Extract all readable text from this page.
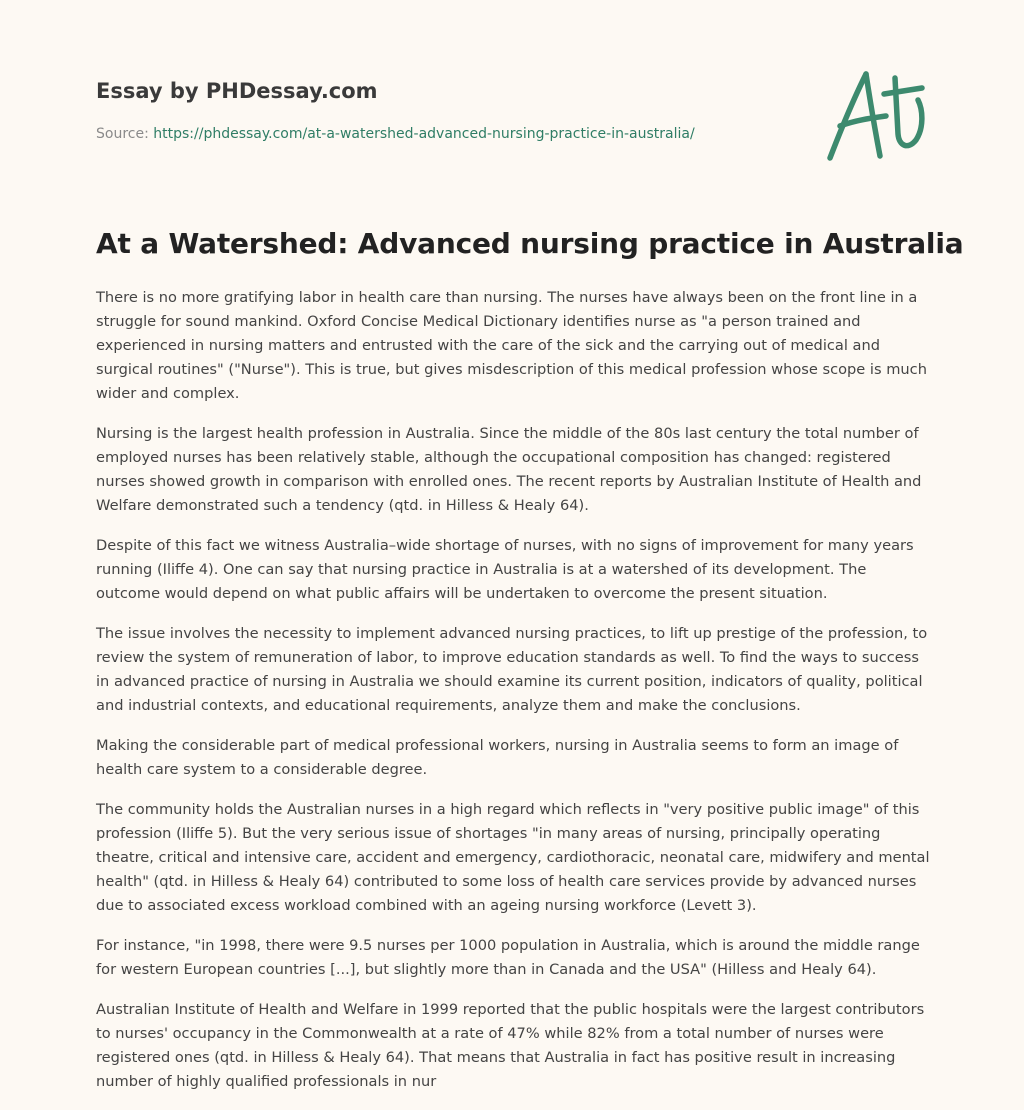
Essay by PHDessay.com
Source: https://phdessay.com/at-a-watershed-advanced-nursing-practice-in-australia/
At a Watershed: Advanced nursing practice in Australia

There is no more gratifying labor in health care than nursing. The nurses have always been on the front line in a struggle for sound mankind. Oxford Concise Medical Dictionary identifies nurse as "a person trained and experienced in nursing matters and entrusted with the care of the sick and the carrying out of medical and surgical routines" ("Nurse"). This is true, but gives misdescription of this medical profession whose scope is much wider and complex.

Nursing is the largest health profession in Australia. Since the middle of the 80s last century the total number of employed nurses has been relatively stable, although the occupational composition has changed: registered nurses showed growth in comparison with enrolled ones. The recent reports by Australian Institute of Health and Welfare demonstrated such a tendency (qtd. in Hilless & Healy 64).

Despite of this fact we witness Australia–wide shortage of nurses, with no signs of improvement for many years running (Iliffe 4). One can say that nursing practice in Australia is at a watershed of its development. The outcome would depend on what public affairs will be undertaken to overcome the present situation.

The issue involves the necessity to implement advanced nursing practices, to lift up prestige of the profession, to review the system of remuneration of labor, to improve education standards as well. To find the ways to success in advanced practice of nursing in Australia we should examine its current position, indicators of quality, political and industrial contexts, and educational requirements, analyze them and make the conclusions.

Making the considerable part of medical professional workers, nursing in Australia seems to form an image of health care system to a considerable degree.

The community holds the Australian nurses in a high regard which reflects in "very positive public image" of this profession (Iliffe 5). But the very serious issue of shortages "in many areas of nursing, principally operating theatre, critical and intensive care, accident and emergency, cardiothoracic, neonatal care, midwifery and mental health" (qtd. in Hilless & Healy 64) contributed to some loss of health care services provide by advanced nurses due to associated excess workload combined with an ageing nursing workforce (Levett 3).

For instance, "in 1998, there were 9.5 nurses per 1000 population in Australia, which is around the middle range for western European countries [...], but slightly more than in Canada and the USA" (Hilless and Healy 64).

Australian Institute of Health and Welfare in 1999 reported that the public hospitals were the largest contributors to nurses' occupancy in the Commonwealth at a rate of 47% while 82% from a total number of nurses were registered ones (qtd. in Hilless & Healy 64). That means that Australia in fact has positive result in increasing number of highly qualified professionals in nur
